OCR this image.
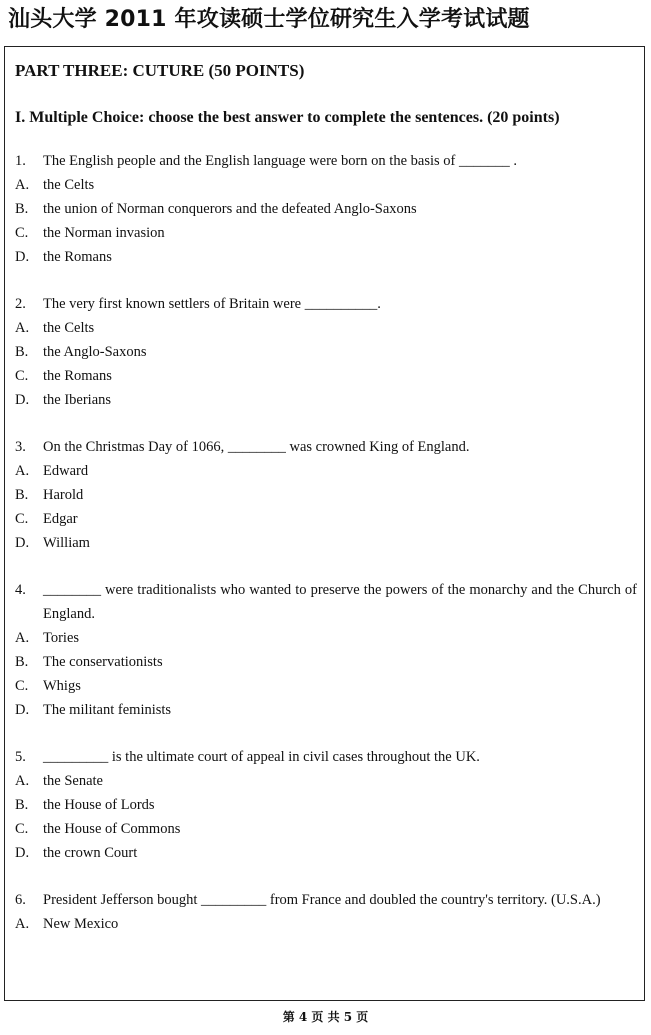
汕头大学 2011 年攻读硕士学位研究生入学考试试题
PART THREE: CUTURE (50 POINTS)
I. Multiple Choice: choose the best answer to complete the sentences. (20 points)
1.	The English people and the English language were born on the basis of _______ .
A. the Celts
B.	the union of Norman conquerors and the defeated Anglo-Saxons
C.	the Norman invasion
D. the Romans
2.	The very first known settlers of Britain were __________.
A. the Celts
B.	the Anglo-Saxons
C.	the Romans
D. the Iberians
3.	On the Christmas Day of 1066, ________ was crowned King of England.
A. Edward
B.	Harold
C.	Edgar
D. William
4.	________ were traditionalists who wanted to preserve the powers of the monarchy and the Church of England.
A. Tories
B.	The conservationists
C.	Whigs
D. The militant feminists
5.	_________ is the ultimate court of appeal in civil cases throughout the UK.
A. the Senate
B.	the House of Lords
C.	the House of Commons
D. the crown Court
6.	President Jefferson bought _________ from France and doubled the country's territory. (U.S.A.)
A. New Mexico
第 4 页 共 5 页
